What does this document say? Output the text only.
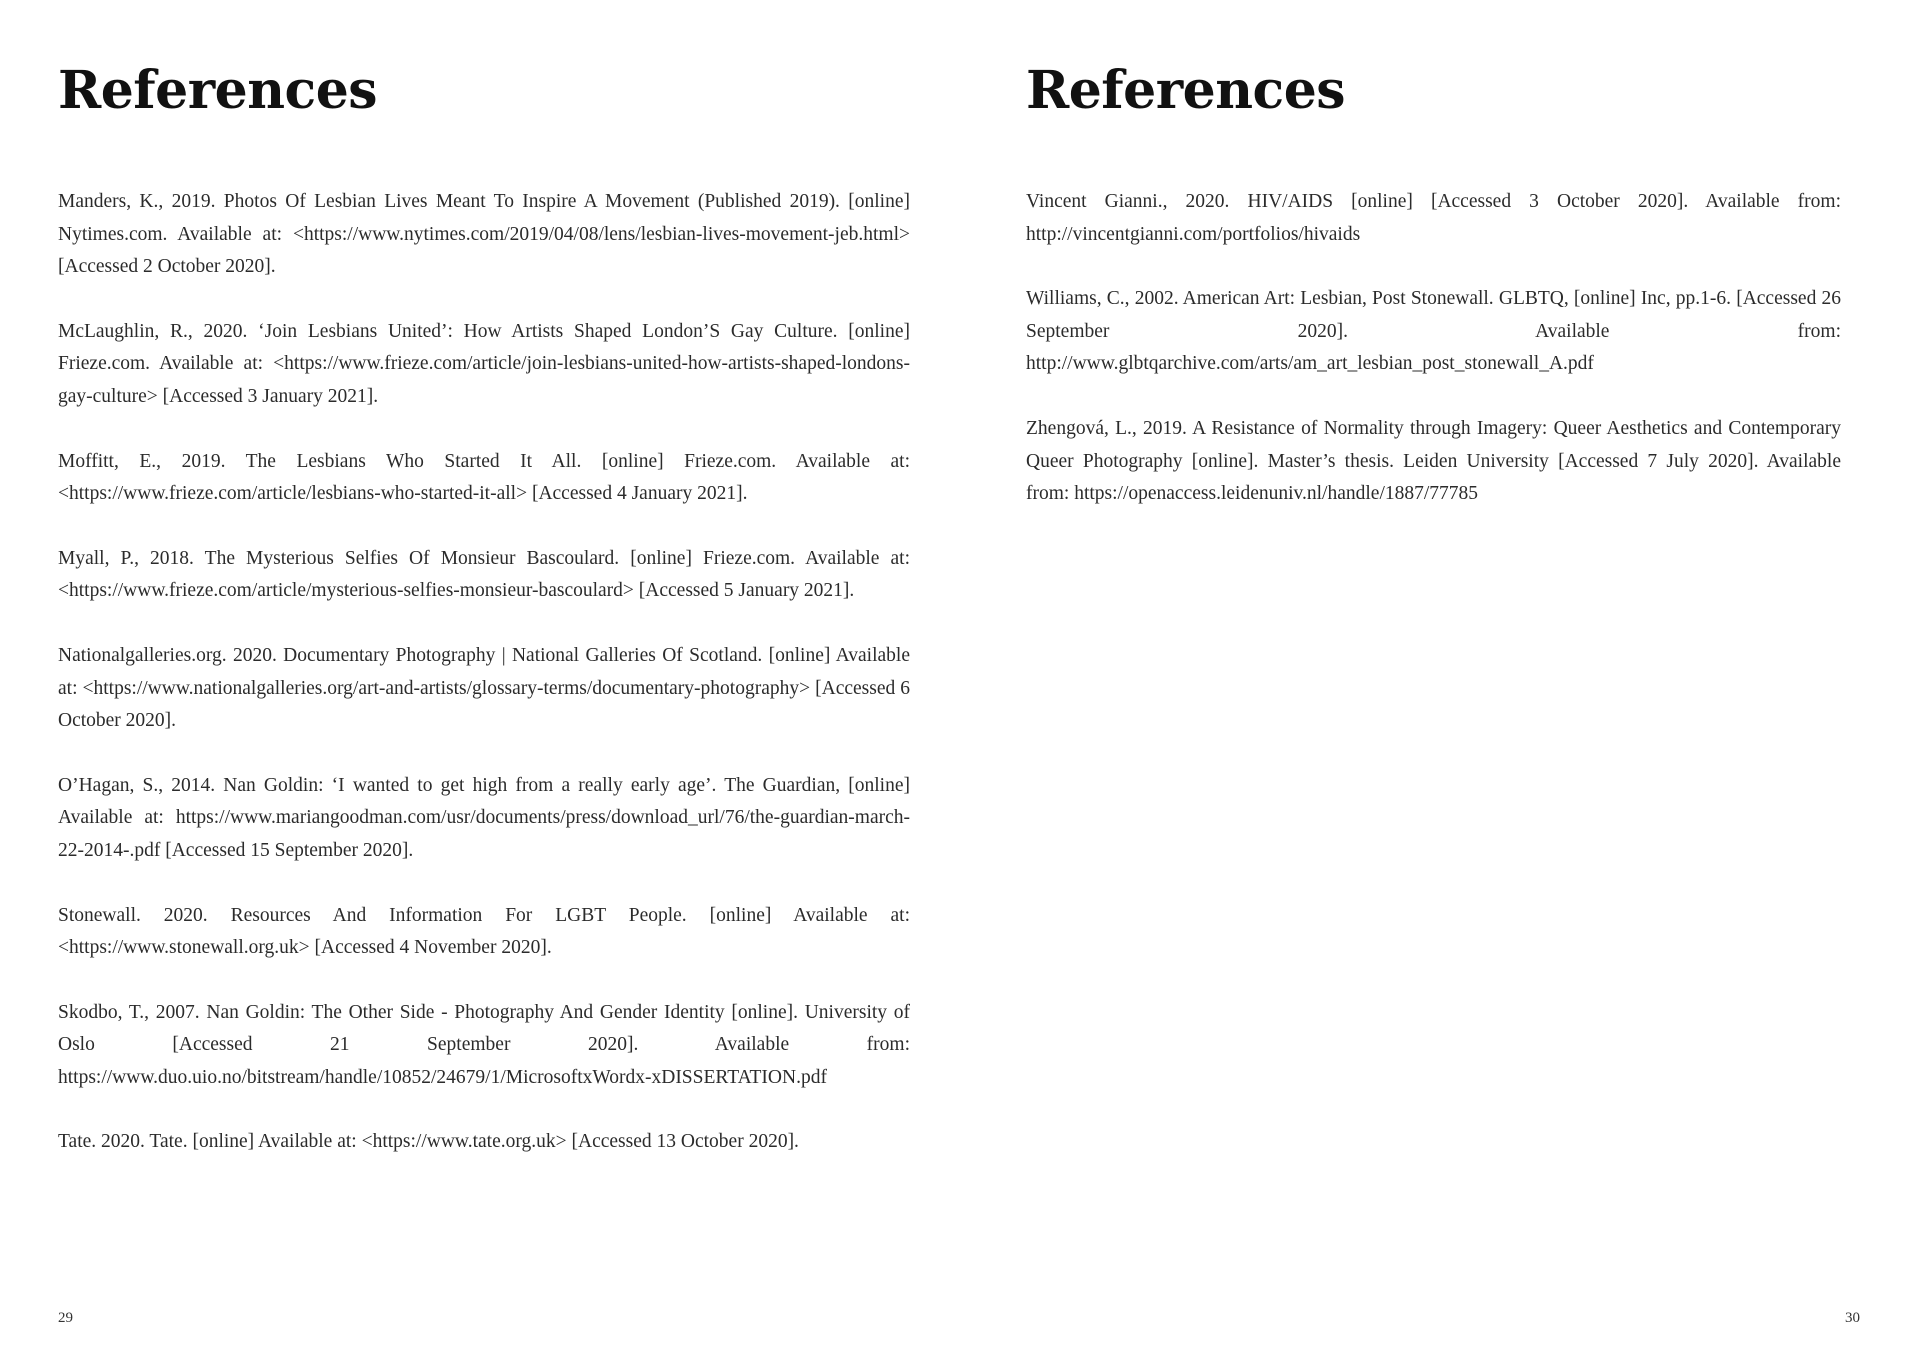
References
Manders, K., 2019. Photos Of Lesbian Lives Meant To Inspire A Movement (Published 2019). [online] Nytimes.com. Available at: <https://www.nytimes.com/2019/04/08/lens/lesbian-lives-movement-jeb.html> [Accessed 2 October 2020].
McLaughlin, R., 2020. ‘Join Lesbians United’: How Artists Shaped London’S Gay Culture. [online] Frieze.com. Available at: <https://www.frieze.com/article/join-lesbians-united-how-artists-shaped-londons-gay-culture> [Accessed 3 January 2021].
Moffitt, E., 2019. The Lesbians Who Started It All. [online] Frieze.com. Available at: <https://www.frieze.com/article/lesbians-who-started-it-all> [Accessed 4 January 2021].
Myall, P., 2018. The Mysterious Selfies Of Monsieur Bascoulard. [online] Frieze.com. Available at: <https://www.frieze.com/article/mysterious-selfies-monsieur-bascoulard> [Accessed 5 January 2021].
Nationalgalleries.org. 2020. Documentary Photography | National Galleries Of Scotland. [online] Available at: <https://www.nationalgalleries.org/art-and-artists/glossary-terms/documentary-photography> [Accessed 6 October 2020].
O’Hagan, S., 2014. Nan Goldin: ‘I wanted to get high from a really early age’. The Guardian, [online] Available at: https://www.mariangoodman.com/usr/documents/press/download_url/76/the-guardian-march-22-2014-.pdf [Accessed 15 September 2020].
Stonewall. 2020. Resources And Information For LGBT People. [online] Available at: <https://www.stonewall.org.uk> [Accessed 4 November 2020].
Skodbo, T., 2007. Nan Goldin: The Other Side - Photography And Gender Identity [online]. University of Oslo [Accessed 21 September 2020]. Available from: https://www.duo.uio.no/bitstream/handle/10852/24679/1/MicrosoftxWordx-xDISSERTATION.pdf
Tate. 2020. Tate. [online] Available at: <https://www.tate.org.uk> [Accessed 13 October 2020].
29
References
Vincent Gianni., 2020. HIV/AIDS [online] [Accessed 3 October 2020]. Available from: http://vincentgianni.com/portfolios/hivaids
Williams, C., 2002. American Art: Lesbian, Post Stonewall. GLBTQ, [online] Inc, pp.1-6. [Accessed 26 September 2020]. Available from: http://www.glbtqarchive.com/arts/am_art_lesbian_post_stonewall_A.pdf
Zhengová, L., 2019. A Resistance of Normality through Imagery: Queer Aesthetics and Contemporary Queer Photography [online]. Master’s thesis. Leiden University [Accessed 7 July 2020]. Available from: https://openaccess.leidenuniv.nl/handle/1887/77785
30
